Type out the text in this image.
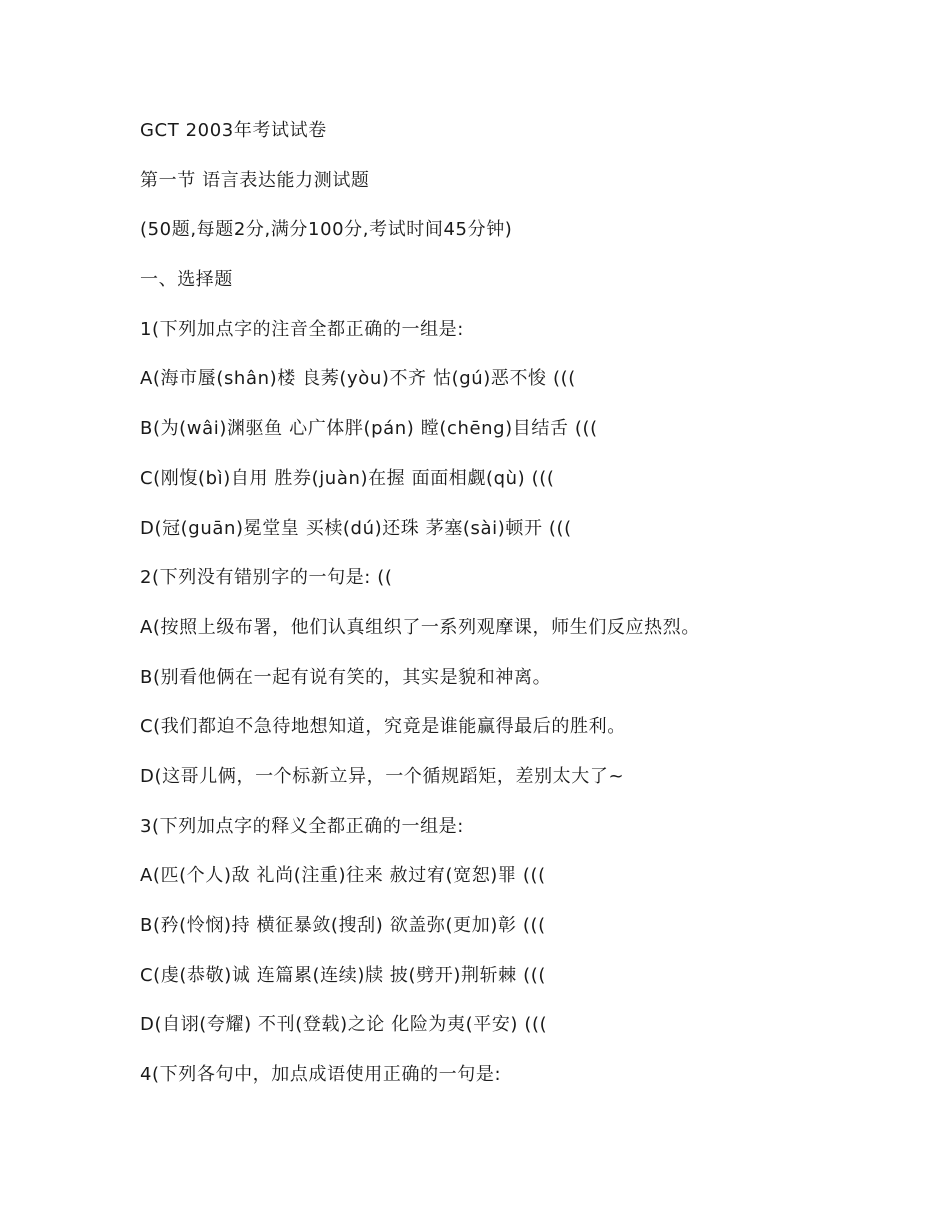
GCT 2003年考试试卷
第一节 语言表达能力测试题
(50题,每题2分,满分100分,考试时间45分钟)
一、选择题
1(下列加点字的注音全都正确的一组是:
A(海市蜃(shân)楼 良莠(yòu)不齐 怙(gú)恶不悛 (((
B(为(wâi)渊驱鱼 心广体胖(pán) 瞠(chēng)目结舌 (((
C(刚愎(bì)自用 胜券(juàn)在握 面面相觑(qù) (((
D(冠(guān)冕堂皇 买椟(dú)还珠 茅塞(sài)顿开 (((
2(下列没有错别字的一句是: ((
A(按照上级布署，他们认真组织了一系列观摩课，师生们反应热烈。
B(别看他俩在一起有说有笑的，其实是貌和神离。
C(我们都迫不急待地想知道，究竟是谁能赢得最后的胜利。
D(这哥儿俩，一个标新立异，一个循规蹈矩，差别太大了~
3(下列加点字的释义全都正确的一组是:
A(匹(个人)敌 礼尚(注重)往来 赦过宥(宽恕)罪 (((
B(矜(怜悯)持 横征暴敛(搜刮) 欲盖弥(更加)彰 (((
C(虔(恭敬)诚 连篇累(连续)牍 披(劈开)荆斩棘 (((
D(自诩(夸耀) 不刊(登载)之论 化险为夷(平安) (((
4(下列各句中，加点成语使用正确的一句是:
